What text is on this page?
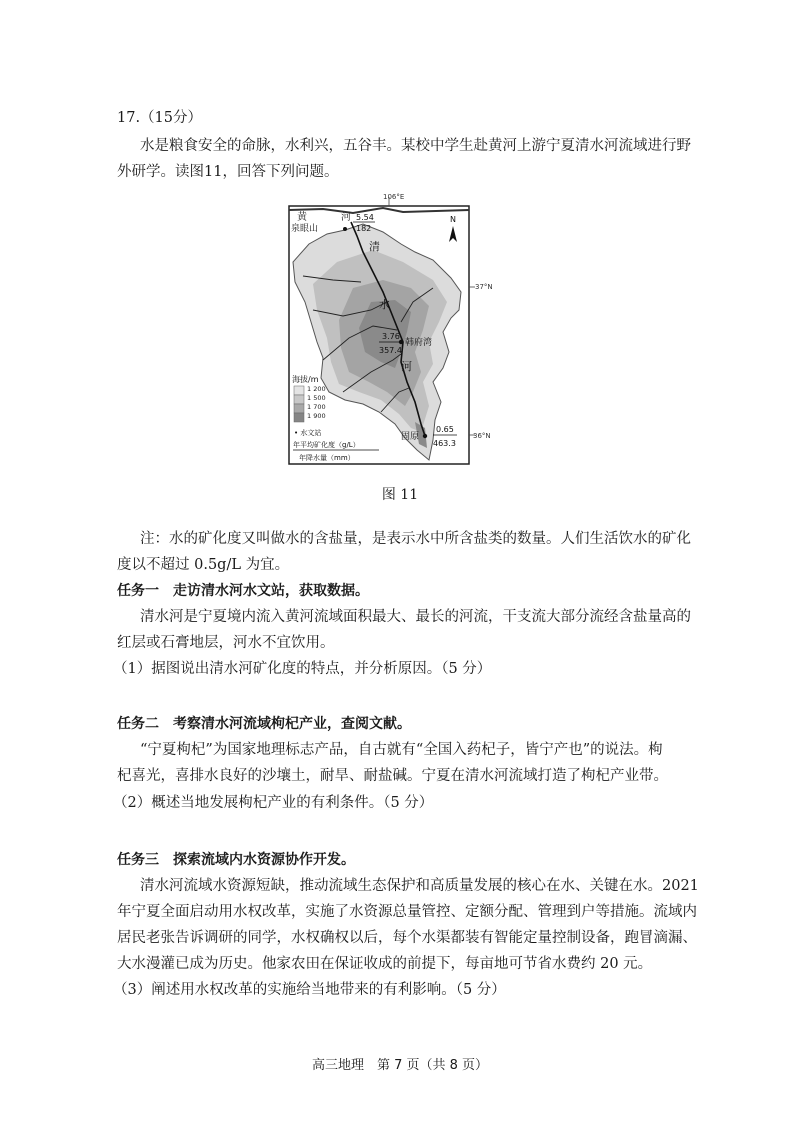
17.（15分）
水是粮食安全的命脉，水利兴，五谷丰。某校中学生赴黄河上游宁夏清水河流域进行野
外研学。读图11，回答下列问题。
106°E
37°N
36°N
黄	河
清
水
河
泉眼山
5.54
182
韩府湾
3.76
357.4
固原
0.65
463.3
N
海拔/m
1 200
1 500
1 700
1 900
• 水文站
年平均矿化度（g/L）
年降水量（mm）
图 11
注：水的矿化度又叫做水的含盐量，是表示水中所含盐类的数量。人们生活饮水的矿化
度以不超过 0.5g/L 为宜。
任务一　走访清水河水文站，获取数据。
清水河是宁夏境内流入黄河流域面积最大、最长的河流，干支流大部分流经含盐量高的
红层或石膏地层，河水不宜饮用。
（1）据图说出清水河矿化度的特点，并分析原因。（5 分）
任务二　考察清水河流域枸杞产业，查阅文献。
“宁夏枸杞”为国家地理标志产品，自古就有“全国入药杞子，皆宁产也”的说法。枸
杞喜光，喜排水良好的沙壤土，耐旱、耐盐碱。宁夏在清水河流域打造了枸杞产业带。
（2）概述当地发展枸杞产业的有利条件。（5 分）
任务三　探索流域内水资源协作开发。
清水河流域水资源短缺，推动流域生态保护和高质量发展的核心在水、关键在水。2021
年宁夏全面启动用水权改革，实施了水资源总量管控、定额分配、管理到户等措施。流域内
居民老张告诉调研的同学，水权确权以后，每个水渠都装有智能定量控制设备，跑冒滴漏、
大水漫灌已成为历史。他家农田在保证收成的前提下，每亩地可节省水费约 20 元。
（3）阐述用水权改革的实施给当地带来的有利影响。（5 分）
高三地理　第 7 页（共 8 页）
